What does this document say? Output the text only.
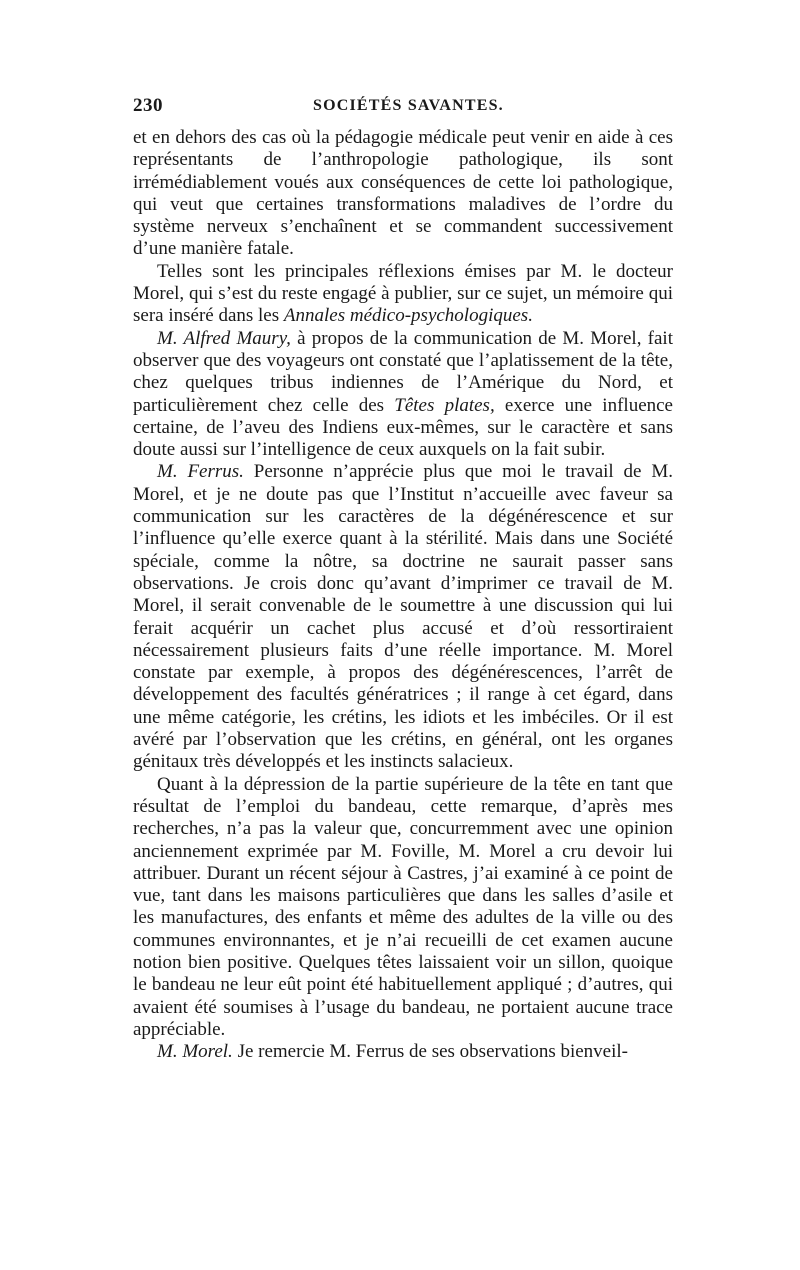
230	SOCIÉTÉS SAVANTES.

et en dehors des cas où la pédagogie médicale peut venir en aide à ces représentants de l’anthropologie pathologique, ils sont irrémédiablement voués aux conséquences de cette loi pathologique, qui veut que certaines transformations maladives de l’ordre du système nerveux s’enchaînent et se commandent successivement d’une manière fatale.

Telles sont les principales réflexions émises par M. le docteur Morel, qui s’est du reste engagé à publier, sur ce sujet, un mémoire qui sera inséré dans les Annales médico-psychologiques.

M. Alfred Maury, à propos de la communication de M. Morel, fait observer que des voyageurs ont constaté que l’aplatissement de la tête, chez quelques tribus indiennes de l’Amérique du Nord, et particulièrement chez celle des Têtes plates, exerce une influence certaine, de l’aveu des Indiens eux-mêmes, sur le caractère et sans doute aussi sur l’intelligence de ceux auxquels on la fait subir.

M. Ferrus. Personne n’apprécie plus que moi le travail de M. Morel, et je ne doute pas que l’Institut n’accueille avec faveur sa communication sur les caractères de la dégénérescence et sur l’influence qu’elle exerce quant à la stérilité. Mais dans une Société spéciale, comme la nôtre, sa doctrine ne saurait passer sans observations. Je crois donc qu’avant d’imprimer ce travail de M. Morel, il serait convenable de le soumettre à une discussion qui lui ferait acquérir un cachet plus accusé et d’où ressortiraient nécessairement plusieurs faits d’une réelle importance. M. Morel constate par exemple, à propos des dégénérescences, l’arrêt de développement des facultés génératrices ; il range à cet égard, dans une même catégorie, les crétins, les idiots et les imbéciles. Or il est avéré par l’observation que les crétins, en général, ont les organes génitaux très développés et les instincts salacieux.

Quant à la dépression de la partie supérieure de la tête en tant que résultat de l’emploi du bandeau, cette remarque, d’après mes recherches, n’a pas la valeur que, concurremment avec une opinion anciennement exprimée par M. Foville, M. Morel a cru devoir lui attribuer. Durant un récent séjour à Castres, j’ai examiné à ce point de vue, tant dans les maisons particulières que dans les salles d’asile et les manufactures, des enfants et même des adultes de la ville ou des communes environnantes, et je n’ai recueilli de cet examen aucune notion bien positive. Quelques têtes laissaient voir un sillon, quoique le bandeau ne leur eût point été habituellement appliqué ; d’autres, qui avaient été soumises à l’usage du bandeau, ne portaient aucune trace appréciable.

M. Morel. Je remercie M. Ferrus de ses observations bienveil-
